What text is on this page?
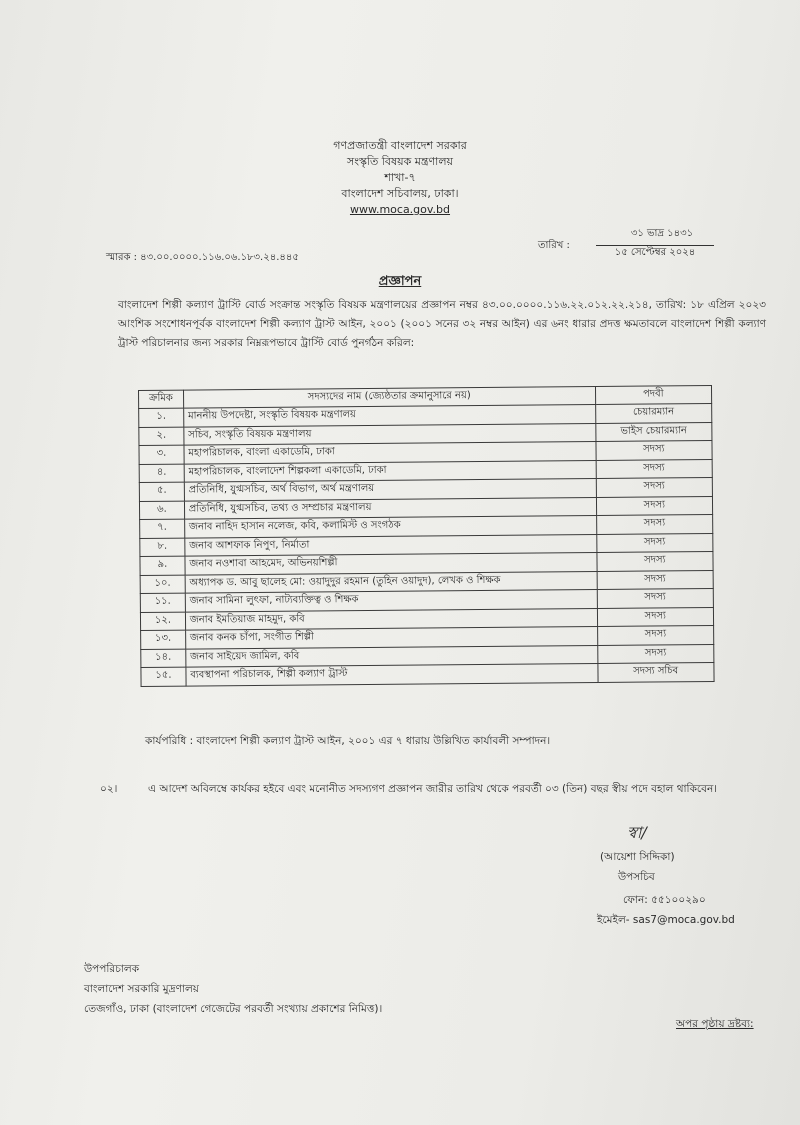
গণপ্রজাতন্ত্রী বাংলাদেশ সরকার
সংস্কৃতি বিষয়ক মন্ত্রণালয়
শাখা-৭
বাংলাদেশ সচিবালয়, ঢাকা।
www.moca.gov.bd
স্মারক : ৪৩.০০.০০০০.১১৬.০৬.১৮৩.২৪.৪৪৫
তারিখ :
৩১ ভাদ্র ১৪৩১
১৫ সেপ্টেম্বর ২০২৪
প্রজ্ঞাপন
বাংলাদেশ শিল্পী কল্যাণ ট্রাস্টি বোর্ড সংক্রান্ত সংস্কৃতি বিষয়ক মন্ত্রণালয়ের প্রজ্ঞাপন নম্বর ৪৩.০০.০০০০.১১৬.২২.০১২.২২.২১৪, তারিখ: ১৮ এপ্রিল ২০২৩ আংশিক সংশোধনপূর্বক বাংলাদেশ শিল্পী কল্যাণ ট্রাস্ট আইন, ২০০১ (২০০১ সনের ৩২ নম্বর আইন) এর ৬নং ধারার প্রদত্ত ক্ষমতাবলে বাংলাদেশ শিল্পী কল্যাণ ট্রাস্ট পরিচালনার জন্য সরকার নিম্নরূপভাবে ট্রাস্টি বোর্ড পুনর্গঠন করিল:
ক্রমিক	সদস্যদের নাম (জ্যেষ্ঠতার ক্রমানুসারে নয়)	পদবী
১.	মাননীয় উপদেষ্টা, সংস্কৃতি বিষয়ক মন্ত্রণালয়	চেয়ারম্যান
২.	সচিব, সংস্কৃতি বিষয়ক মন্ত্রণালয়	ভাইস চেয়ারম্যান
৩.	মহাপরিচালক, বাংলা একাডেমি, ঢাকা	সদস্য
৪.	মহাপরিচালক, বাংলাদেশ শিল্পকলা একাডেমি, ঢাকা	সদস্য
৫.	প্রতিনিধি, যুগ্মসচিব, অর্থ বিভাগ, অর্থ মন্ত্রণালয়	সদস্য
৬.	প্রতিনিধি, যুগ্মসচিব, তথ্য ও সম্প্রচার মন্ত্রণালয়	সদস্য
৭.	জনাব নাহিদ হাসান নলেজ, কবি, কলামিস্ট ও সংগঠক	সদস্য
৮.	জনাব আশফাক নিপুণ, নির্মাতা	সদস্য
৯.	জনাব নওশাবা আহমেদ, অভিনয়শিল্পী	সদস্য
১০.	অধ্যাপক ড. আবু ছালেহ মো: ওয়াদুদুর রহমান (তুহিন ওয়াদুদ), লেখক ও শিক্ষক	সদস্য
১১.	জনাব সামিনা লুৎফা, নাট্যব্যক্তিত্ব ও শিক্ষক	সদস্য
১২.	জনাব ইমতিয়াজ মাহমুদ, কবি	সদস্য
১৩.	জনাব কনক চাঁপা, সংগীত শিল্পী	সদস্য
১৪.	জনাব সাইয়েদ জামিল, কবি	সদস্য
১৫.	ব্যবস্থাপনা পরিচালক, শিল্পী কল্যাণ ট্রাস্ট	সদস্য সচিব
কার্যপরিধি : বাংলাদেশ শিল্পী কল্যাণ ট্রাস্ট আইন, ২০০১ এর ৭ ধারায় উল্লিখিত কার্যাবলী সম্পাদন।
০২।	এ আদেশ অবিলম্বে কার্যকর হইবে এবং মনোনীত সদস্যগণ প্রজ্ঞাপন জারীর তারিখ থেকে পরবর্তী ০৩ (তিন) বছর স্বীয় পদে বহাল থাকিবেন।
স্বা/
(আয়েশা সিদ্দিকা)
উপসচিব
ফোন: ৫৫১০০২৯০
ইমেইল- sas7@moca.gov.bd
উপপরিচালক
বাংলাদেশ সরকারি মুদ্রণালয়
তেজগাঁও, ঢাকা (বাংলাদেশ গেজেটের পরবর্তী সংখ্যায় প্রকাশের নিমিত্ত)।
অপর পৃষ্ঠায় দ্রষ্টব্য:
